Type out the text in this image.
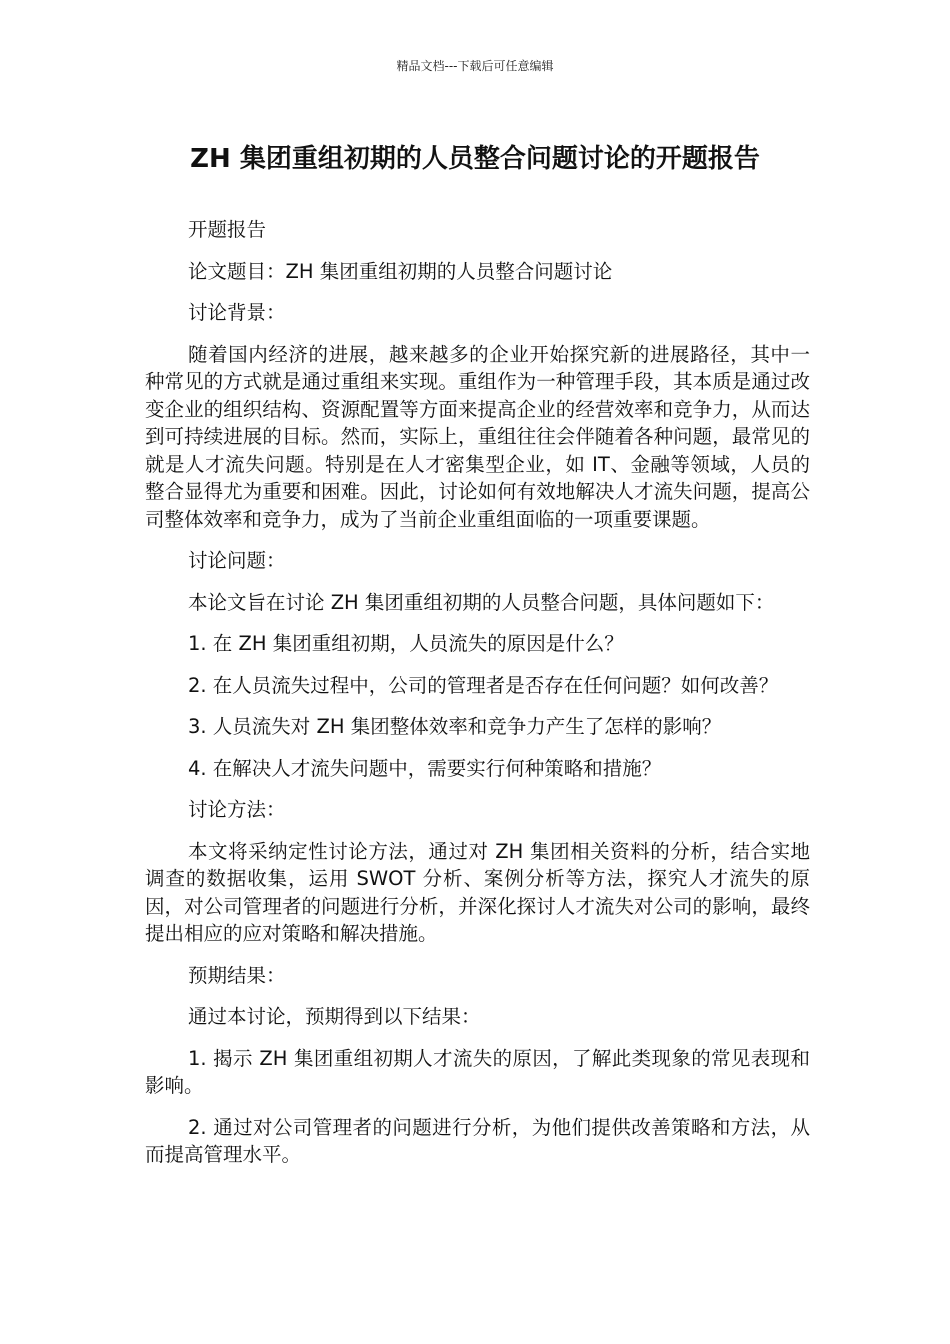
精品文档---下载后可任意编辑
ZH 集团重组初期的人员整合问题讨论的开题报告

开题报告

论文题目：ZH 集团重组初期的人员整合问题讨论

讨论背景：

随着国内经济的进展，越来越多的企业开始探究新的进展路径，其中一种常见的方式就是通过重组来实现。重组作为一种管理手段，其本质是通过改变企业的组织结构、资源配置等方面来提高企业的经营效率和竞争力，从而达到可持续进展的目标。然而，实际上，重组往往会伴随着各种问题，最常见的就是人才流失问题。特别是在人才密集型企业，如 IT、金融等领域，人员的整合显得尤为重要和困难。因此，讨论如何有效地解决人才流失问题，提高公司整体效率和竞争力，成为了当前企业重组面临的一项重要课题。

讨论问题：

本论文旨在讨论 ZH 集团重组初期的人员整合问题，具体问题如下：

1. 在 ZH 集团重组初期，人员流失的原因是什么？

2. 在人员流失过程中，公司的管理者是否存在任何问题？如何改善？

3. 人员流失对 ZH 集团整体效率和竞争力产生了怎样的影响？

4. 在解决人才流失问题中，需要实行何种策略和措施？

讨论方法：

本文将采纳定性讨论方法，通过对 ZH 集团相关资料的分析，结合实地调查的数据收集，运用 SWOT 分析、案例分析等方法，探究人才流失的原因，对公司管理者的问题进行分析，并深化探讨人才流失对公司的影响，最终提出相应的应对策略和解决措施。

预期结果：

通过本讨论，预期得到以下结果：

1. 揭示 ZH 集团重组初期人才流失的原因，了解此类现象的常见表现和影响。

2. 通过对公司管理者的问题进行分析，为他们提供改善策略和方法，从而提高管理水平。
